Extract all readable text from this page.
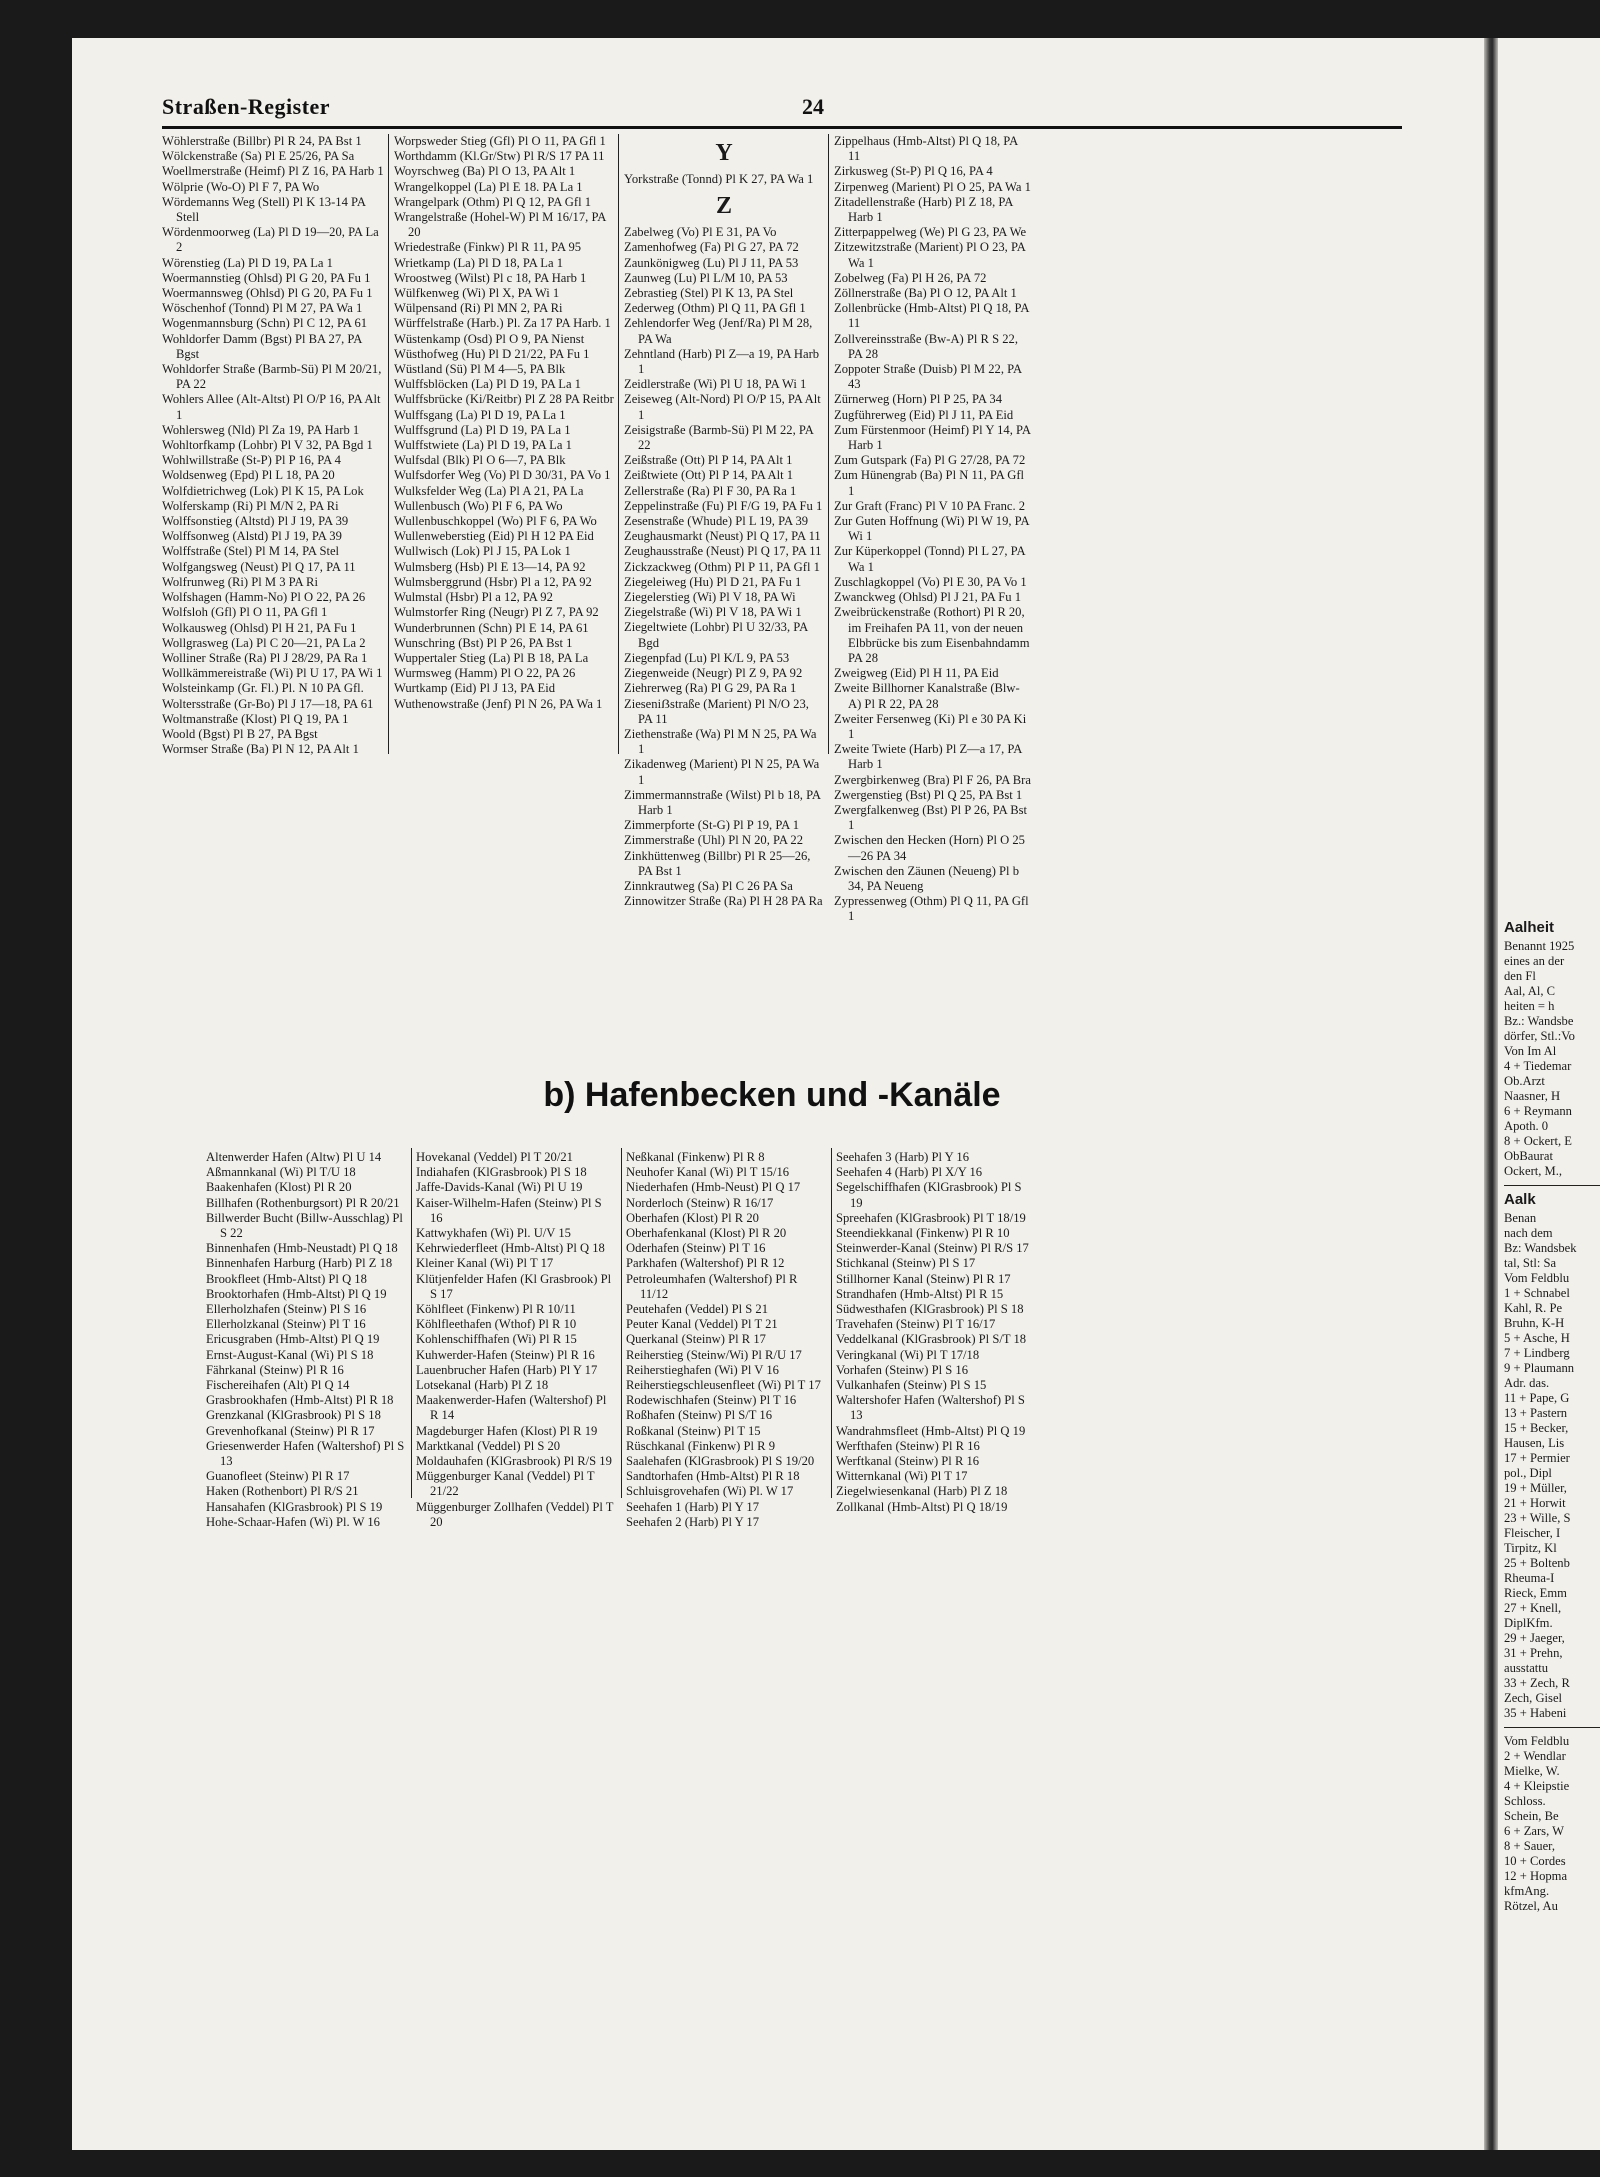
Straßen-Register	24

Wöhlerstraße (Billbr) Pl R 24, PA Bst 1

Wölckenstraße (Sa) Pl E 25/26, PA Sa

Woellmerstraße (Heimf) Pl Z 16, PA Harb 1

Wölprie (Wo-O) Pl F 7, PA Wo

Wördemanns Weg (Stell) Pl K 13-14 PA Stell

Wördenmoorweg (La) Pl D 19—20, PA La 2

Wörenstieg (La) Pl D 19, PA La 1

Woermannstieg (Ohlsd) Pl G 20, PA Fu 1

Woermannsweg (Ohlsd) Pl G 20, PA Fu 1

Wöschenhof (Tonnd) Pl M 27, PA Wa 1

Wogenmannsburg (Schn) Pl C 12, PA 61

Wohldorfer Damm (Bgst) Pl BA 27, PA Bgst

Wohldorfer Straße (Barmb-Sü) Pl M 20/21, PA 22

Wohlers Allee (Alt-Altst) Pl O/P 16, PA Alt 1

Wohlersweg (Nld) Pl Za 19, PA Harb 1

Wohltorfkamp (Lohbr) Pl V 32, PA Bgd 1

Wohlwillstraße (St-P) Pl P 16, PA 4

Woldsenweg (Epd) Pl L 18, PA 20

Wolfdietrichweg (Lok) Pl K 15, PA Lok

Wolferskamp (Ri) Pl M/N 2, PA Ri

Wolffsonstieg (Altstd) Pl J 19, PA 39

Wolffsonweg (Alstd) Pl J 19, PA 39

Wolffstraße (Stel) Pl M 14, PA Stel

Wolfgangsweg (Neust) Pl Q 17, PA 11

Wolfrunweg (Ri) Pl M 3 PA Ri

Wolfshagen (Hamm-No) Pl O 22, PA 26

Wolfsloh (Gfl) Pl O 11, PA Gfl 1

Wolkausweg (Ohlsd) Pl H 21, PA Fu 1

Wollgrasweg (La) Pl C 20—21, PA La 2

Wolliner Straße (Ra) Pl J 28/29, PA Ra 1

Wollkämmereistraße (Wi) Pl U 17, PA Wi 1

Wolsteinkamp (Gr. Fl.) Pl. N 10 PA Gfl.

Woltersstraße (Gr-Bo) Pl J 17—18, PA 61

Woltmanstraße (Klost) Pl Q 19, PA 1

Woold (Bgst) Pl B 27, PA Bgst

Wormser Straße (Ba) Pl N 12, PA Alt 1

Worpsweder Stieg (Gfl) Pl O 11, PA Gfl 1

Worthdamm (Kl.Gr/Stw) Pl R/S 17 PA 11

Woyrschweg (Ba) Pl O 13, PA Alt 1

Wrangelkoppel (La) Pl E 18. PA La 1

Wrangelpark (Othm) Pl Q 12, PA Gfl 1

Wrangelstraße (Hohel-W) Pl M 16/17, PA 20

Wriedestraße (Finkw) Pl R 11, PA 95

Wrietkamp (La) Pl D 18, PA La 1

Wroostweg (Wilst) Pl c 18, PA Harb 1

Wülfkenweg (Wi) Pl X, PA Wi 1

Wülpensand (Ri) Pl MN 2, PA Ri

Würffelstraße (Harb.) Pl. Za 17 PA Harb. 1

Wüstenkamp (Osd) Pl O 9, PA Nienst

Wüsthofweg (Hu) Pl D 21/22, PA Fu 1

Wüstland (Sü) Pl M 4—5, PA Blk

Wulffsblöcken (La) Pl D 19, PA La 1

Wulffsbrücke (Ki/Reitbr) Pl Z 28 PA Reitbr

Wulffsgang (La) Pl D 19, PA La 1

Wulffsgrund (La) Pl D 19, PA La 1

Wulffstwiete (La) Pl D 19, PA La 1

Wulfsdal (Blk) Pl O 6—7, PA Blk

Wulfsdorfer Weg (Vo) Pl D 30/31, PA Vo 1

Wulksfelder Weg (La) Pl A 21, PA La

Wullenbusch (Wo) Pl F 6, PA Wo

Wullenbuschkoppel (Wo) Pl F 6, PA Wo

Wullenweberstieg (Eid) Pl H 12 PA Eid

Wullwisch (Lok) Pl J 15, PA Lok 1

Wulmsberg (Hsb) Pl E 13—14, PA 92

Wulmsberggrund (Hsbr) Pl a 12, PA 92

Wulmstal (Hsbr) Pl a 12, PA 92

Wulmstorfer Ring (Neugr) Pl Z 7, PA 92

Wunderbrunnen (Schn) Pl E 14, PA 61

Wunschring (Bst) Pl P 26, PA Bst 1

Wuppertaler Stieg (La) Pl B 18, PA La

Wurmsweg (Hamm) Pl O 22, PA 26

Wurtkamp (Eid) Pl J 13, PA Eid

Wuthenowstraße (Jenf) Pl N 26, PA Wa 1

Y

Yorkstraße (Tonnd) Pl K 27, PA Wa 1

Z

Zabelweg (Vo) Pl E 31, PA Vo

Zamenhofweg (Fa) Pl G 27, PA 72

Zaunkönigweg (Lu) Pl J 11, PA 53

Zaunweg (Lu) Pl L/M 10, PA 53

Zebrastieg (Stel) Pl K 13, PA Stel

Zederweg (Othm) Pl Q 11, PA Gfl 1

Zehlendorfer Weg (Jenf/Ra) Pl M 28, PA Wa

Zehntland (Harb) Pl Z—a 19, PA Harb 1

Zeidlerstraße (Wi) Pl U 18, PA Wi 1

Zeiseweg (Alt-Nord) Pl O/P 15, PA Alt 1

Zeisigstraße (Barmb-Sü) Pl M 22, PA 22

Zeißstraße (Ott) Pl P 14, PA Alt 1

Zeißtwiete (Ott) Pl P 14, PA Alt 1

Zellerstraße (Ra) Pl F 30, PA Ra 1

Zeppelinstraße (Fu) Pl F/G 19, PA Fu 1

Zesenstraße (Whude) Pl L 19, PA 39

Zeughausmarkt (Neust) Pl Q 17, PA 11

Zeughausstraße (Neust) Pl Q 17, PA 11

Zickzackweg (Othm) Pl P 11, PA Gfl 1

Ziegeleiweg (Hu) Pl D 21, PA Fu 1

Ziegelerstieg (Wi) Pl V 18, PA Wi

Ziegelstraße (Wi) Pl V 18, PA Wi 1

Ziegeltwiete (Lohbr) Pl U 32/33, PA Bgd

Ziegenpfad (Lu) Pl K/L 9, PA 53

Ziegenweide (Neugr) Pl Z 9, PA 92

Ziehrerweg (Ra) Pl G 29, PA Ra 1

Zieseniẞstraße (Marient) Pl N/O 23, PA 11

Ziethenstraße (Wa) Pl M N 25, PA Wa 1

Zikadenweg (Marient) Pl N 25, PA Wa 1

Zimmermannstraße (Wilst) Pl b 18, PA Harb 1

Zimmerpforte (St-G) Pl P 19, PA 1

Zimmerstraße (Uhl) Pl N 20, PA 22

Zinkhüttenweg (Billbr) Pl R 25—26, PA Bst 1

Zinnkrautweg (Sa) Pl C 26 PA Sa

Zinnowitzer Straße (Ra) Pl H 28 PA Ra

Zippelhaus (Hmb-Altst) Pl Q 18, PA 11

Zirkusweg (St-P) Pl Q 16, PA 4

Zirpenweg (Marient) Pl O 25, PA Wa 1

Zitadellenstraße (Harb) Pl Z 18, PA Harb 1

Zitterpappelweg (We) Pl G 23, PA We

Zitzewitzstraße (Marient) Pl O 23, PA Wa 1

Zobelweg (Fa) Pl H 26, PA 72

Zöllnerstraße (Ba) Pl O 12, PA Alt 1

Zollenbrücke (Hmb-Altst) Pl Q 18, PA 11

Zollvereinsstraße (Bw-A) Pl R S 22, PA 28

Zoppoter Straße (Duisb) Pl M 22, PA 43

Zürnerweg (Horn) Pl P 25, PA 34

Zugführerweg (Eid) Pl J 11, PA Eid

Zum Fürstenmoor (Heimf) Pl Y 14, PA Harb 1

Zum Gutspark (Fa) Pl G 27/28, PA 72

Zum Hünengrab (Ba) Pl N 11, PA Gfl 1

Zur Graft (Franc) Pl V 10 PA Franc. 2

Zur Guten Hoffnung (Wi) Pl W 19, PA Wi 1

Zur Küperkoppel (Tonnd) Pl L 27, PA Wa 1

Zuschlagkoppel (Vo) Pl E 30, PA Vo 1

Zwanckweg (Ohlsd) Pl J 21, PA Fu 1

Zweibrückenstraße (Rothort) Pl R 20, im Freihafen PA 11, von der neuen Elbbrücke bis zum Eisenbahndamm PA 28

Zweigweg (Eid) Pl H 11, PA Eid

Zweite Billhorner Kanalstraße (Blw-A) Pl R 22, PA 28

Zweiter Fersenweg (Ki) Pl e 30 PA Ki 1

Zweite Twiete (Harb) Pl Z—a 17, PA Harb 1

Zwergbirkenweg (Bra) Pl F 26, PA Bra

Zwergenstieg (Bst) Pl Q 25, PA Bst 1

Zwergfalkenweg (Bst) Pl P 26, PA Bst 1

Zwischen den Hecken (Horn) Pl O 25—26 PA 34

Zwischen den Zäunen (Neueng) Pl b 34, PA Neueng

Zypressenweg (Othm) Pl Q 11, PA Gfl 1

b) Hafenbecken und -Kanäle

Altenwerder Hafen (Altw) Pl U 14

Aßmannkanal (Wi) Pl T/U 18

Baakenhafen (Klost) Pl R 20

Billhafen (Rothenburgsort) Pl R 20/21

Billwerder Bucht (Billw-Ausschlag) Pl S 22

Binnenhafen (Hmb-Neustadt) Pl Q 18

Binnenhafen Harburg (Harb) Pl Z 18

Brookfleet (Hmb-Altst) Pl Q 18

Brooktorhafen (Hmb-Altst) Pl Q 19

Ellerholzhafen (Steinw) Pl S 16

Ellerholzkanal (Steinw) Pl T 16

Ericusgraben (Hmb-Altst) Pl Q 19

Ernst-August-Kanal (Wi) Pl S 18

Fährkanal (Steinw) Pl R 16

Fischereihafen (Alt) Pl Q 14

Grasbrookhafen (Hmb-Altst) Pl R 18

Grenzkanal (KlGrasbrook) Pl S 18

Grevenhofkanal (Steinw) Pl R 17

Griesenwerder Hafen (Waltershof) Pl S 13

Guanofleet (Steinw) Pl R 17

Haken (Rothenbort) Pl R/S 21

Hansahafen (KlGrasbrook) Pl S 19

Hohe-Schaar-Hafen (Wi) Pl. W 16

Hovekanal (Veddel) Pl T 20/21

Indiahafen (KlGrasbrook) Pl S 18

Jaffe-Davids-Kanal (Wi) Pl U 19

Kaiser-Wilhelm-Hafen (Steinw) Pl S 16

Kattwykhafen (Wi) Pl. U/V 15

Kehrwiederfleet (Hmb-Altst) Pl Q 18

Kleiner Kanal (Wi) Pl T 17

Klütjenfelder Hafen (Kl Grasbrook) Pl S 17

Köhlfleet (Finkenw) Pl R 10/11

Köhlfleethafen (Wthof) Pl R 10

Kohlenschiffhafen (Wi) Pl R 15

Kuhwerder-Hafen (Steinw) Pl R 16

Lauenbrucher Hafen (Harb) Pl Y 17

Lotsekanal (Harb) Pl Z 18

Maakenwerder-Hafen (Waltershof) Pl R 14

Magdeburger Hafen (Klost) Pl R 19

Marktkanal (Veddel) Pl S 20

Moldauhafen (KlGrasbrook) Pl R/S 19

Müggenburger Kanal (Veddel) Pl T 21/22

Müggenburger Zollhafen (Veddel) Pl T 20

Neßkanal (Finkenw) Pl R 8

Neuhofer Kanal (Wi) Pl T 15/16

Niederhafen (Hmb-Neust) Pl Q 17

Norderloch (Steinw) R 16/17

Oberhafen (Klost) Pl R 20

Oberhafenkanal (Klost) Pl R 20

Oderhafen (Steinw) Pl T 16

Parkhafen (Waltershof) Pl R 12

Petroleumhafen (Waltershof) Pl R 11/12

Peutehafen (Veddel) Pl S 21

Peuter Kanal (Veddel) Pl T 21

Querkanal (Steinw) Pl R 17

Reiherstieg (Steinw/Wi) Pl R/U 17

Reiherstieghafen (Wi) Pl V 16

Reiherstiegschleusenfleet (Wi) Pl T 17

Rodewischhafen (Steinw) Pl T 16

Roßhafen (Steinw) Pl S/T 16

Roßkanal (Steinw) Pl T 15

Rüschkanal (Finkenw) Pl R 9

Saalehafen (KlGrasbrook) Pl S 19/20

Sandtorhafen (Hmb-Altst) Pl R 18

Schluisgrovehafen (Wi) Pl. W 17

Seehafen 1 (Harb) Pl Y 17

Seehafen 2 (Harb) Pl Y 17

Seehafen 3 (Harb) Pl Y 16

Seehafen 4 (Harb) Pl X/Y 16

Segelschiffhafen (KlGrasbrook) Pl S 19

Spreehafen (KlGrasbrook) Pl T 18/19

Steendiekkanal (Finkenw) Pl R 10

Steinwerder-Kanal (Steinw) Pl R/S 17

Stichkanal (Steinw) Pl S 17

Stillhorner Kanal (Steinw) Pl R 17

Strandhafen (Hmb-Altst) Pl R 15

Südwesthafen (KlGrasbrook) Pl S 18

Travehafen (Steinw) Pl T 16/17

Veddelkanal (KlGrasbrook) Pl S/T 18

Veringkanal (Wi) Pl T 17/18

Vorhafen (Steinw) Pl S 16

Vulkanhafen (Steinw) Pl S 15

Waltershofer Hafen (Waltershof) Pl S 13

Wandrahmsfleet (Hmb-Altst) Pl Q 19

Werfthafen (Steinw) Pl R 16

Werftkanal (Steinw) Pl R 16

Witternkanal (Wi) Pl T 17

Ziegelwiesenkanal (Harb) Pl Z 18

Zollkanal (Hmb-Altst) Pl Q 18/19

Aalheit

Benannt 1925

eines an der

den Fl

Aal, Al, C

heiten = h

Bz.: Wandsbe

dörfer, Stl.:Vo

Von Im Al

4 + Tiedemar

Ob.Arzt

Naasner, H

6 + Reymann

Apoth. 0

8 + Ockert, E

ObBaurat

Ockert, M.,

Aalk

Benan

nach dem

Bz: Wandsbek

tal, Stl: Sa

Vom Feldblu

1 + Schnabel

Kahl, R. Pe

Bruhn, K-H

5 + Asche, H

7 + Lindberg

9 + Plaumann

Adr. das.

11 + Pape, G

13 + Pastern

15 + Becker,

Hausen, Lis

17 + Permier

pol., Dipl

19 + Müller,

21 + Horwit

23 + Wille, S

Fleischer, I

Tirpitz, Kl

25 + Boltenb

Rheuma-I

Rieck, Emm

27 + Knell,

DiplKfm.

29 + Jaeger,

31 + Prehn,

ausstattu

33 + Zech, R

Zech, Gisel

35 + Habeni

Vom Feldblu

2 + Wendlar

Mielke, W.

4 + Kleipstie

Schloss.

Schein, Be

6 + Zars, W

8 + Sauer,

10 + Cordes

12 + Hopma

kfmAng.

Rötzel, Au
